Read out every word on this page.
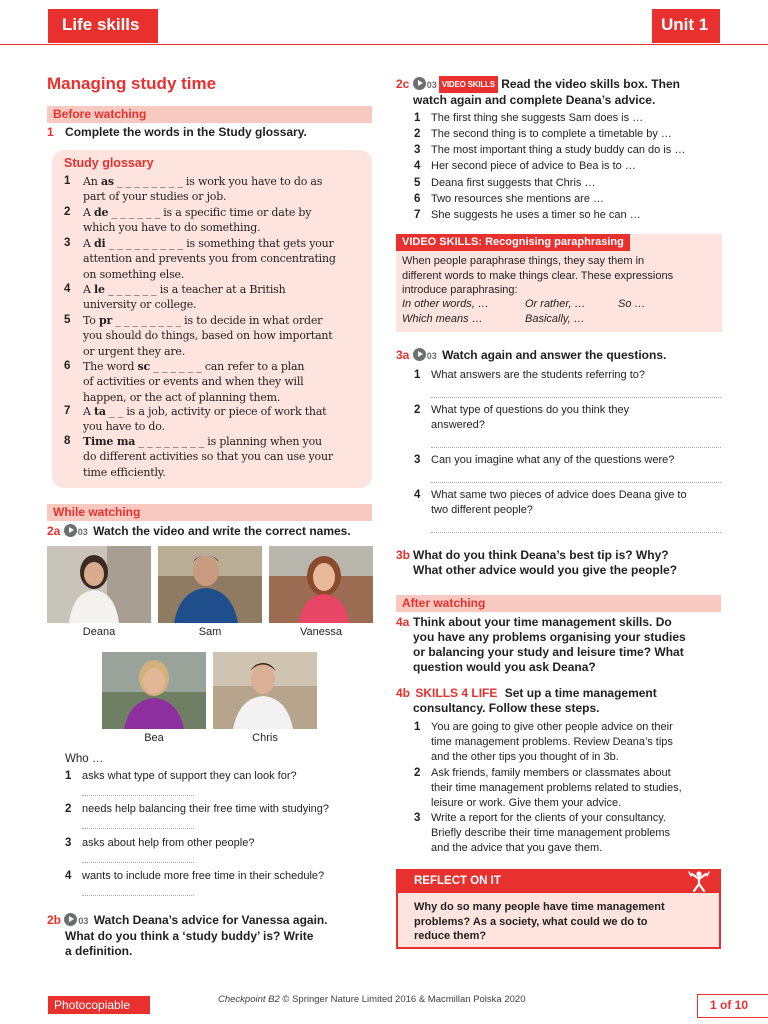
Life skills	Unit 1
Managing study time
Before watching
1 Complete the words in the Study glossary.
Study glossary
1 An as _ _ _ _ _ _ _ _ is work you have to do as
part of your studies or job.
2 A de _ _ _ _ _ _ is a specific time or date by
which you have to do something.
3 A di _ _ _ _ _ _ _ _ _ is something that gets your
attention and prevents you from concentrating
on something else.
4 A le _ _ _ _ _ _ is a teacher at a British
university or college.
5 To pr _ _ _ _ _ _ _ _ is to decide in what order
you should do things, based on how important
or urgent they are.
6 The word sc _ _ _ _ _ _ can refer to a plan
of activities or events and when they will
happen, or the act of planning them.
7 A ta _ _ is a job, activity or piece of work that
you have to do.
8 Time ma _ _ _ _ _ _ _ _ is planning when you
do different activities so that you can use your
time efficiently.
While watching
2a 03 Watch the video and write the correct names.
Deana	Sam	Vanessa
Bea	Chris
Who …
1 asks what type of support they can look for?
2 needs help balancing their free time with studying?
3 asks about help from other people?
4 wants to include more free time in their schedule?
2b 03 Watch Deana’s advice for Vanessa again.
What do you think a ‘study buddy’ is? Write
a definition.
2c 03 VIDEO SKILLS Read the video skills box. Then
watch again and complete Deana’s advice.
1 The first thing she suggests Sam does is …
2 The second thing is to complete a timetable by …
3 The most important thing a study buddy can do is …
4 Her second piece of advice to Bea is to …
5 Deana first suggests that Chris …
6 Two resources she mentions are …
7 She suggests he uses a timer so he can …
VIDEO SKILLS: Recognising paraphrasing
When people paraphrase things, they say them in
different words to make things clear. These expressions
introduce paraphrasing:
In other words, …	Or rather, …	So …
Which means …	Basically, …
3a 03 Watch again and answer the questions.
1 What answers are the students referring to?
2 What type of questions do you think they
answered?
3 Can you imagine what any of the questions were?
4 What same two pieces of advice does Deana give to
two different people?
3b What do you think Deana’s best tip is? Why?
What other advice would you give the people?
After watching
4a Think about your time management skills. Do
you have any problems organising your studies
or balancing your study and leisure time? What
question would you ask Deana?
4b SKILLS 4 LIFE Set up a time management
consultancy. Follow these steps.
1 You are going to give other people advice on their
time management problems. Review Deana’s tips
and the other tips you thought of in 3b.
2 Ask friends, family members or classmates about
their time management problems related to studies,
leisure or work. Give them your advice.
3 Write a report for the clients of your consultancy.
Briefly describe their time management problems
and the advice that you gave them.
REFLECT ON IT
Why do so many people have time management
problems? As a society, what could we do to
reduce them?
Photocopiable	Checkpoint B2 © Springer Nature Limited 2016 & Macmillan Polska 2020	1 of 10
